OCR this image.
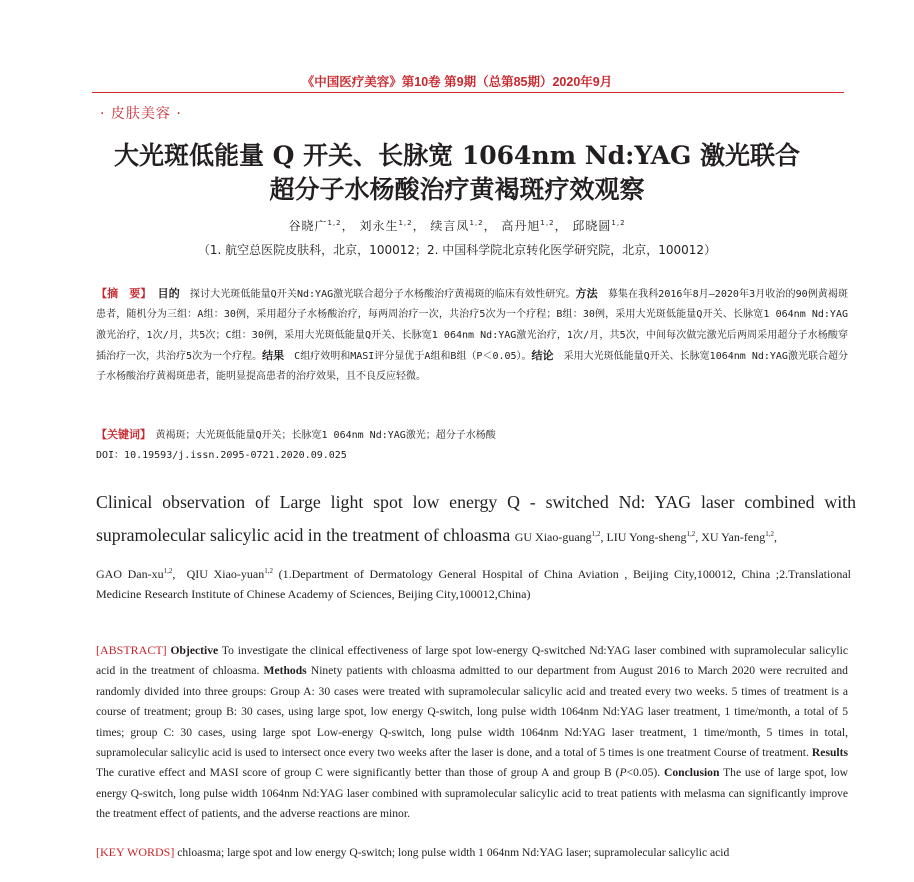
《中国医疗美容》第10卷 第9期（总第85期）2020年9月
· 皮肤美容 ·
大光斑低能量 Q 开关、长脉宽 1064nm Nd:YAG 激光联合
超分子水杨酸治疗黄褐斑疗效观察
谷晓广$^{1,2}$， 刘永生$^{1,2}$， 续言凤$^{1,2}$， 高丹旭$^{1,2}$， 邱晓圆$^{1,2}$
（1. 航空总医院皮肤科，北京，100012；2. 中国科学院北京转化医学研究院，北京，100012）
【摘　要】 目的　探讨大光斑低能量Q开关Nd:YAG激光联合超分子水杨酸治疗黄褐斑的临床有效性研究。方法　募集在我科2016年8月—2020年3月收治的90例黄褐斑患者，随机分为三组：A组：30例，采用超分子水杨酸治疗，每两周治疗一次，共治疗5次为一个疗程；B组：30例，采用大光斑低能量Q开关、长脉宽1 064nm Nd:YAG激光治疗，1次/月，共5次；C组：30例，采用大光斑低能量Q开关、长脉宽1 064nm Nd:YAG激光治疗，1次/月，共5次，中间每次做完激光后两周采用超分子水杨酸穿插治疗一次，共治疗5次为一个疗程。结果　C组疗效明和MASI评分显优于A组和B组（P＜0.05）。结论　采用大光斑低能量Q开关、长脉宽1064nm Nd:YAG激光联合超分子水杨酸治疗黄褐斑患者，能明显提高患者的治疗效果，且不良反应轻微。
【关键词】　黄褐斑；大光斑低能量Q开关；长脉宽1 064nm Nd:YAG激光；超分子水杨酸
DOI：10.19593/j.issn.2095-0721.2020.09.025
Clinical observation of Large light spot low energy Q - switched Nd: YAG laser combined with supramolecular salicylic acid in the treatment of chloasma GU Xiao-guang$^{1,2}$, LIU Yong-sheng$^{1,2}$, XU Yan-feng$^{1,2}$,
GAO Dan-xu$^{1,2}$,  QIU Xiao-yuan$^{1,2}$ (1.Department of Dermatology General Hospital of China Aviation , Beijing City,100012, China ;2.Translational Medicine Research Institute of Chinese Academy of Sciences, Beijing City,100012,China)
[ABSTRACT] Objective To investigate the clinical effectiveness of large spot low-energy Q-switched Nd:YAG laser combined with supramolecular salicylic acid in the treatment of chloasma. Methods Ninety patients with chloasma admitted to our department from August 2016 to March 2020 were recruited and randomly divided into three groups: Group A: 30 cases were treated with supramolecular salicylic acid and treated every two weeks. 5 times of treatment is a course of treatment; group B: 30 cases, using large spot, low energy Q-switch, long pulse width 1064nm Nd:YAG laser treatment, 1 time/month, a total of 5 times; group C: 30 cases, using large spot Low-energy Q-switch, long pulse width 1064nm Nd:YAG laser treatment, 1 time/month, 5 times in total, supramolecular salicylic acid is used to intersect once every two weeks after the laser is done, and a total of 5 times is one treatment Course of treatment. Results The curative effect and MASI score of group C were significantly better than those of group A and group B (P<0.05). Conclusion The use of large spot, low energy Q-switch, long pulse width 1064nm Nd:YAG laser combined with supramolecular salicylic acid to treat patients with melasma can significantly improve the treatment effect of patients, and the adverse reactions are minor.
[KEY WORDS] chloasma; large spot and low energy Q-switch; long pulse width 1 064nm Nd:YAG laser; supramolecular salicylic acid
